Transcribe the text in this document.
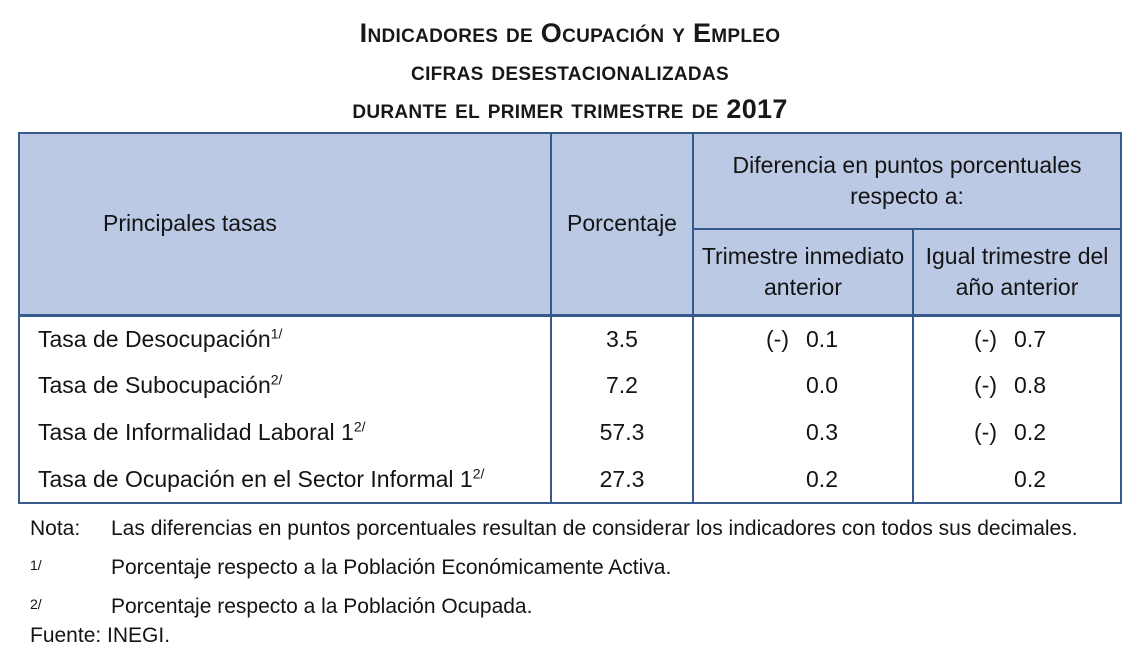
Indicadores de Ocupación y Empleo
cifras desestacionalizadas
durante el primer trimestre de 2017
Principales tasas	Porcentaje	Diferencia en puntos porcentuales respecto a:	
		Trimestre inmediato anterior	Igual trimestre del año anterior
Tasa de Desocupación$^{1/}$	3.5	(-) 0.1	(-) 0.7

Tasa de Subocupación$^{2/}$	7.2	0.0	(-) 0.8

Tasa de Informalidad Laboral $1^{2/}$	57.3	0.3	(-) 0.2

Tasa de Ocupación en el Sector Informal $1^{2/}$	27.3	0.2	0.2
Nota:	Las diferencias en puntos porcentuales resultan de considerar los indicadores con todos sus decimales.
1/	Porcentaje respecto a la Población Económicamente Activa.
2/	Porcentaje respecto a la Población Ocupada.
Fuente: INEGI.
